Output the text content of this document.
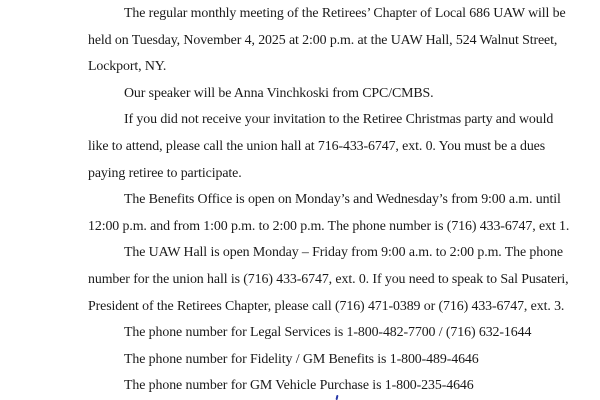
The regular monthly meeting of the Retirees’ Chapter of Local 686 UAW will be
held on Tuesday, November 4, 2025 at 2:00 p.m. at the UAW Hall, 524 Walnut Street,
Lockport, NY.
Our speaker will be Anna Vinchkoski from CPC/CMBS.
If you did not receive your invitation to the Retiree Christmas party and would
like to attend, please call the union hall at 716-433-6747, ext. 0. You must be a dues
paying retiree to participate.
The Benefits Office is open on Monday’s and Wednesday’s from 9:00 a.m. until
12:00 p.m. and from 1:00 p.m. to 2:00 p.m. The phone number is (716) 433-6747, ext 1.
The UAW Hall is open Monday – Friday from 9:00 a.m. to 2:00 p.m. The phone
number for the union hall is (716) 433-6747, ext. 0. If you need to speak to Sal Pusateri,
President of the Retirees Chapter, please call (716) 471-0389 or (716) 433-6747, ext. 3.
The phone number for Legal Services is 1-800-482-7700 / (716) 632-1644
The phone number for Fidelity / GM Benefits is 1-800-489-4646
The phone number for GM Vehicle Purchase is 1-800-235-4646
